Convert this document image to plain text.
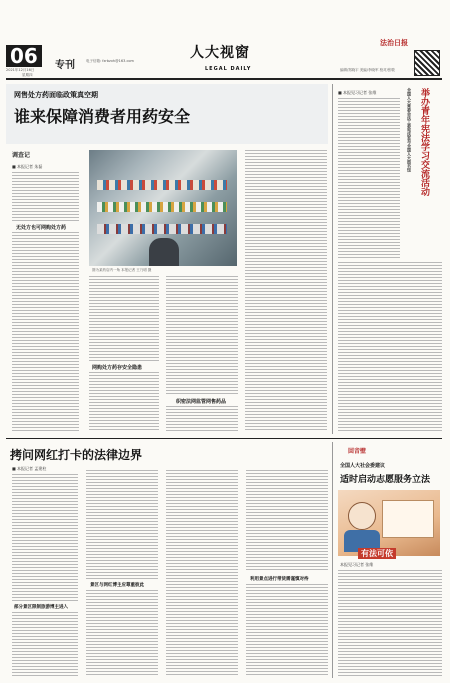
06	专刊	电子信箱: fzrbzxh@163.com
2021年12月16日
星期四
人大视窗
LEGAL DAILY	编辑/郑晓宇 美编/李晓军 校对/张敬
法治日报
网售处方药面临政策真空期
谁来保障消费者用药安全
调查记
■ 本报记者 朱磊
无处方也可网购处方药
图为某药店内一角 本报记者 王乃明 摄
网购处方药存安全隐患
织密法网监管网售药品
举办青年宪法学习交流活动
全国人大常委会法工委宪法室与全国人大图书馆
■ 本报见习记者 张维
拷问网红打卡的法律边界
■ 本报记者 孟建柱
部分景区限制旅游博主进入
景区与网红博主应尊重彼此
利用景点进行带货需谨慎对待
回音壁
全国人大社会委建议
适时启动志愿服务立法
有法可依
本报见习记者 张维
